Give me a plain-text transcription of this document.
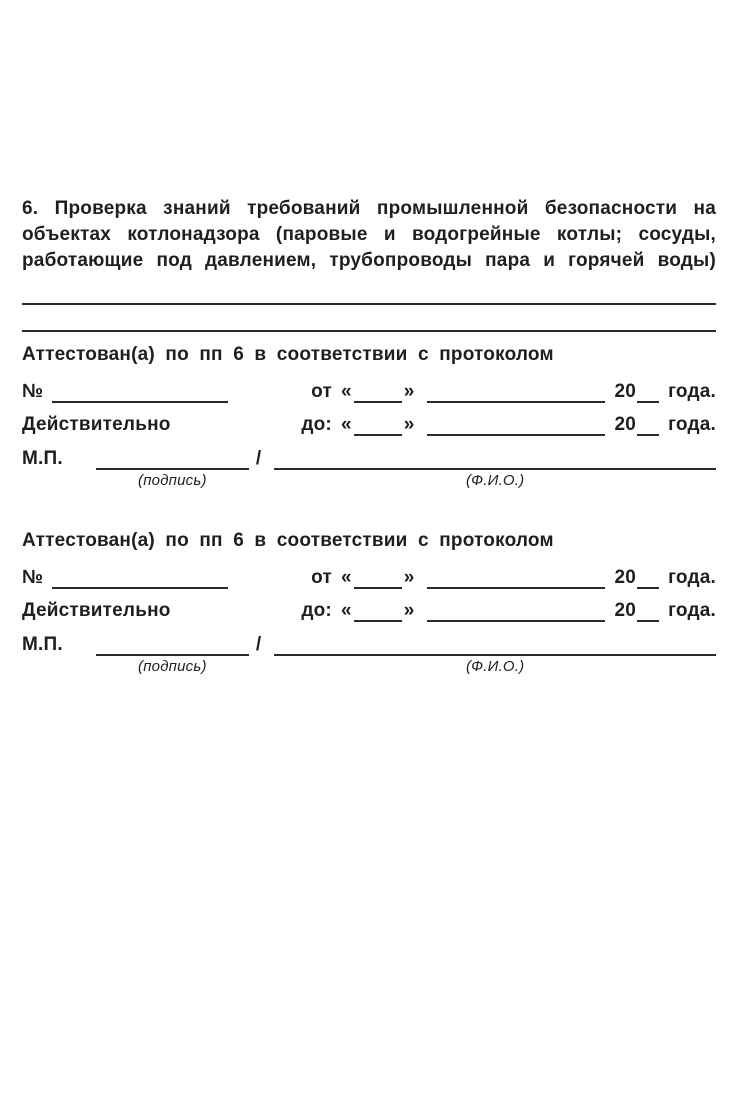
6. Проверка знаний требований промышленной безопасности на
объектах котлонадзора (паровые и водогрейные котлы; сосуды,
работающие под давлением, трубопроводы пара и горячей воды)
Аттестован(а) по пп 6 в соответствии с протоколом
№	от «	»	20 года.
Действительно	до: «	»	20 года.
М.П.
(подпись)
/
(Ф.И.О.)
Аттестован(а) по пп 6 в соответствии с протоколом
№	от «	»	20 года.
Действительно	до: «	»	20 года.
М.П.
(подпись)
/
(Ф.И.О.)
